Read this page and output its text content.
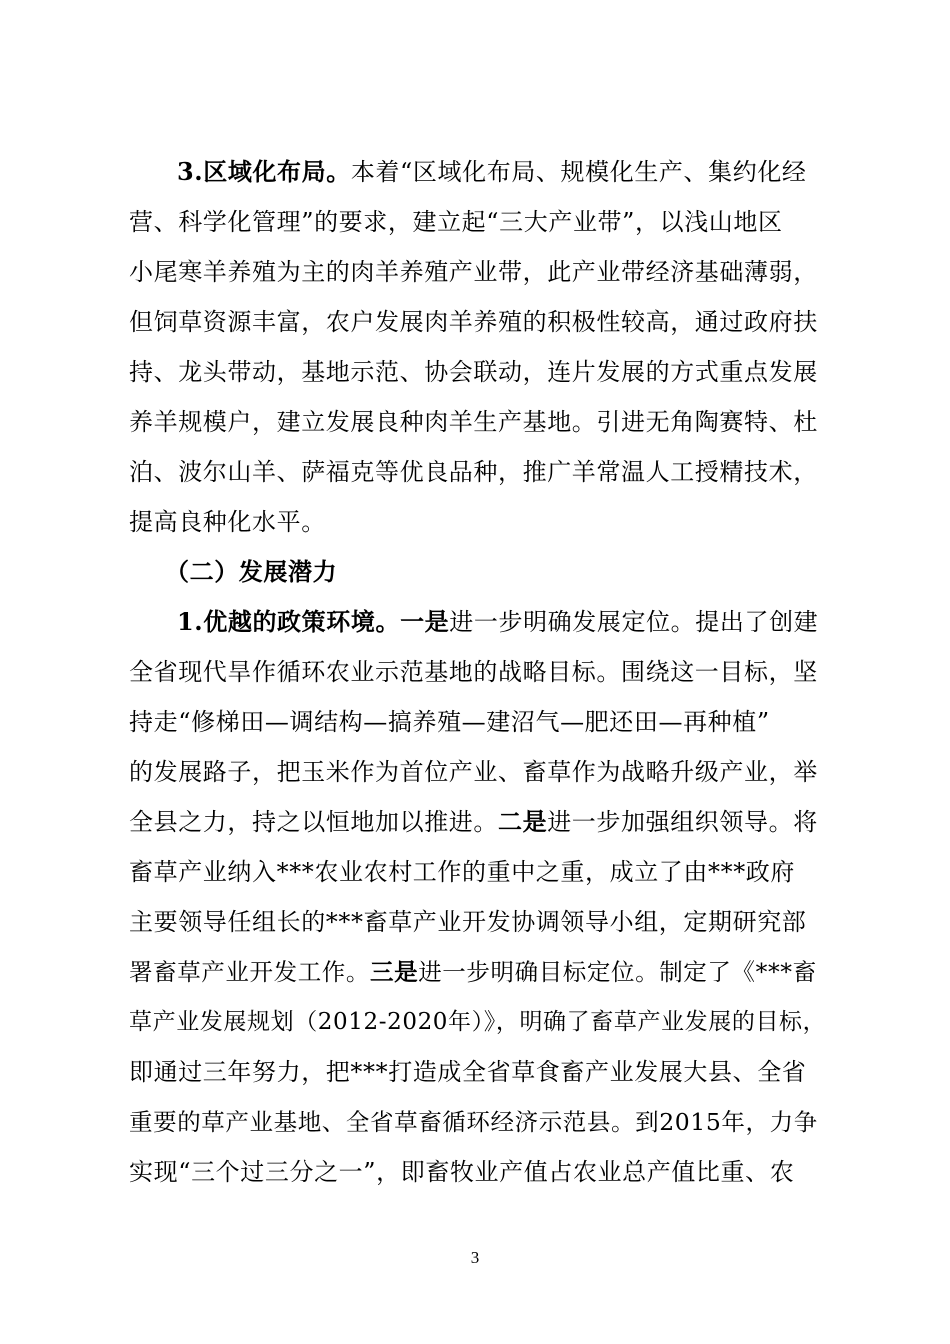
3.区域化布局。本着“区域化布局、规模化生产、集约化经
营、科学化管理”的要求，建立起“三大产业带”，以浅山地区
小尾寒羊养殖为主的肉羊养殖产业带，此产业带经济基础薄弱，
但饲草资源丰富，农户发展肉羊养殖的积极性较高，通过政府扶
持、龙头带动，基地示范、协会联动，连片发展的方式重点发展
养羊规模户，建立发展良种肉羊生产基地。引进无角陶赛特、杜
泊、波尔山羊、萨福克等优良品种，推广羊常温人工授精技术，
提高良种化水平。
（二）发展潜力
1.优越的政策环境。一是进一步明确发展定位。提出了创建
全省现代旱作循环农业示范基地的战略目标。围绕这一目标，坚
持走“修梯田—调结构—搞养殖—建沼气—肥还田—再种植”
的发展路子，把玉米作为首位产业、畜草作为战略升级产业，举
全县之力，持之以恒地加以推进。二是进一步加强组织领导。将
畜草产业纳入***农业农村工作的重中之重，成立了由***政府
主要领导任组长的***畜草产业开发协调领导小组，定期研究部
署畜草产业开发工作。三是进一步明确目标定位。制定了《***畜
草产业发展规划（2012-2020年）》，明确了畜草产业发展的目标，
即通过三年努力，把***打造成全省草食畜产业发展大县、全省
重要的草产业基地、全省草畜循环经济示范县。到2015年，力争
实现“三个过三分之一”，即畜牧业产值占农业总产值比重、农
3
